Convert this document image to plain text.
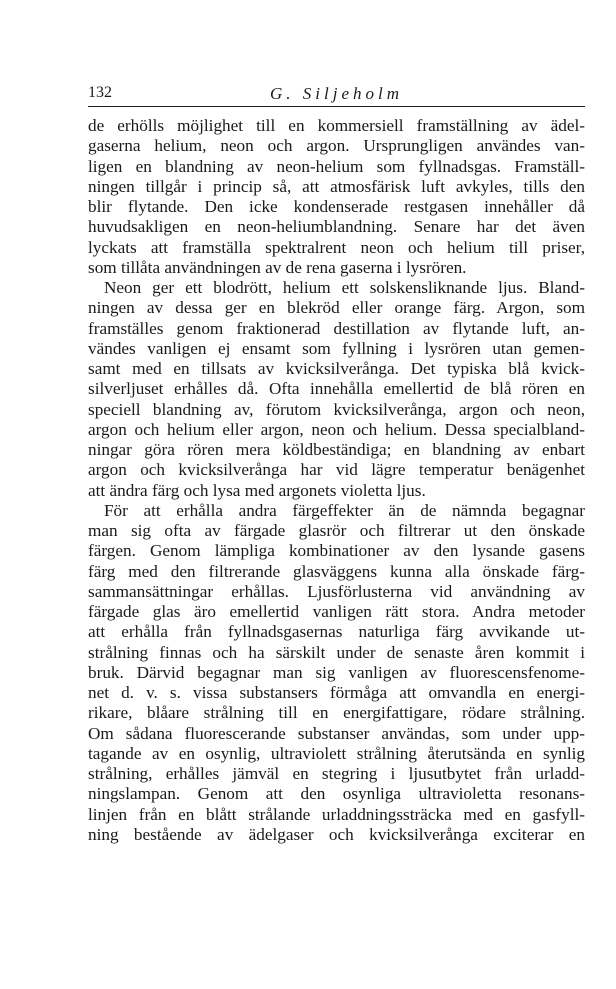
132	G. Siljeholm
de erhölls möjlighet till en kommersiell framställning av ädel-
gaserna helium, neon och argon. Ursprungligen användes van-
ligen en blandning av neon-helium som fyllnadsgas. Framställ-
ningen tillgår i princip så, att atmosfärisk luft avkyles, tills den
blir flytande. Den icke kondenserade restgasen innehåller då
huvudsakligen en neon-heliumblandning. Senare har det även
lyckats att framställa spektralrent neon och helium till priser,
som tillåta användningen av de rena gaserna i lysrören.
Neon ger ett blodrött, helium ett solskensliknande ljus. Bland-
ningen av dessa ger en blekröd eller orange färg. Argon, som
framställes genom fraktionerad destillation av flytande luft, an-
vändes vanligen ej ensamt som fyllning i lysrören utan gemen-
samt med en tillsats av kvicksilverånga. Det typiska blå kvick-
silverljuset erhålles då. Ofta innehålla emellertid de blå rören en
speciell blandning av, förutom kvicksilverånga, argon och neon,
argon och helium eller argon, neon och helium. Dessa specialbland-
ningar göra rören mera köldbeständiga; en blandning av enbart
argon och kvicksilverånga har vid lägre temperatur benägenhet
att ändra färg och lysa med argonets violetta ljus.
För att erhålla andra färgeffekter än de nämnda begagnar
man sig ofta av färgade glasrör och filtrerar ut den önskade
färgen. Genom lämpliga kombinationer av den lysande gasens
färg med den filtrerande glasväggens kunna alla önskade färg-
sammansättningar erhållas. Ljusförlusterna vid användning av
färgade glas äro emellertid vanligen rätt stora. Andra metoder
att erhålla från fyllnadsgasernas naturliga färg avvikande ut-
strålning finnas och ha särskilt under de senaste åren kommit i
bruk. Därvid begagnar man sig vanligen av fluorescensfenome-
net d. v. s. vissa substansers förmåga att omvandla en energi-
rikare, blåare strålning till en energifattigare, rödare strålning.
Om sådana fluorescerande substanser användas, som under upp-
tagande av en osynlig, ultraviolett strålning återutsända en synlig
strålning, erhålles jämväl en stegring i ljusutbytet från urladd-
ningslampan. Genom att den osynliga ultravioletta resonans-
linjen från en blått strålande urladdningssträcka med en gasfyll-
ning bestående av ädelgaser och kvicksilverånga exciterar en
